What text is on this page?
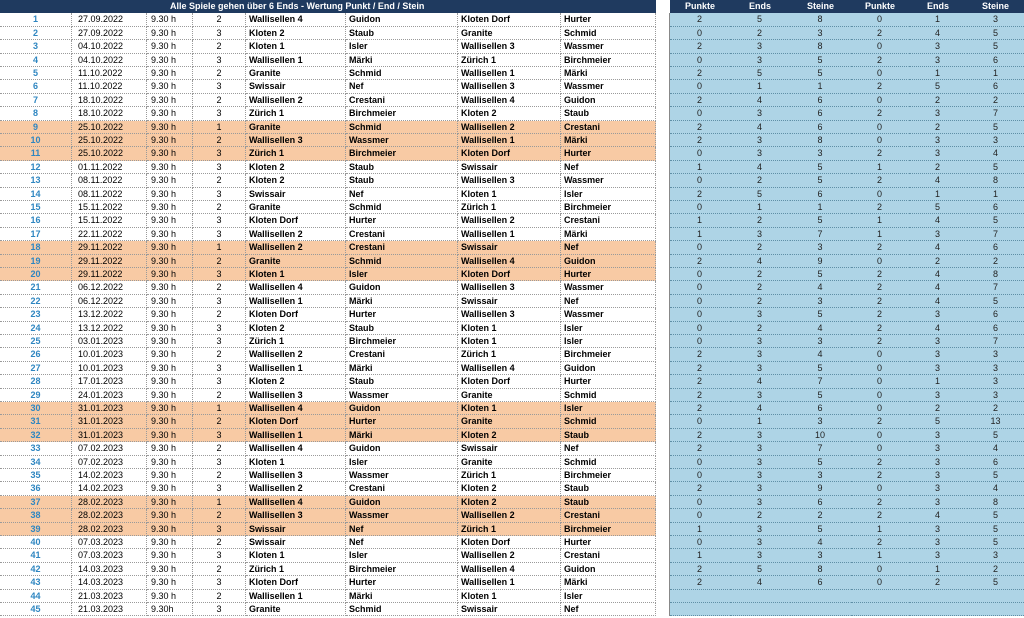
Alle Spiele gehen über 6 Ends - Wertung Punkt / End / Stein	Punkte	Ends	Steine	Punkte	Ends	Steine
1	27.09.2022	9.30 h	2	Wallisellen 4	Guidon	Kloten Dorf	Hurter	2	5	8	0	1	3
2	27.09.2022	9.30 h	3	Kloten 2	Staub	Granite	Schmid	0	2	3	2	4	5
3	04.10.2022	9.30 h	2	Kloten 1	Isler	Wallisellen 3	Wassmer	2	3	8	0	3	5
4	04.10.2022	9.30 h	3	Wallisellen 1	Märki	Zürich 1	Birchmeier	0	3	5	2	3	6
5	11.10.2022	9.30 h	2	Granite	Schmid	Wallisellen 1	Märki	2	5	5	0	1	1
6	11.10.2022	9.30 h	3	Swissair	Nef	Wallisellen 3	Wassmer	0	1	1	2	5	6
7	18.10.2022	9.30 h	2	Wallisellen 2	Crestani	Wallisellen 4	Guidon	2	4	6	0	2	2
8	18.10.2022	9.30 h	3	Zürich 1	Birchmeier	Kloten 2	Staub	0	3	6	2	3	7
9	25.10.2022	9.30 h	1	Granite	Schmid	Wallisellen 2	Crestani	2	4	6	0	2	5
10	25.10.2022	9.30 h	2	Wallisellen 3	Wassmer	Wallisellen 1	Märki	2	3	8	0	3	3
11	25.10.2022	9.30 h	3	Zürich 1	Birchmeier	Kloten Dorf	Hurter	0	3	3	2	3	4
12	01.11.2022	9.30 h	3	Kloten 2	Staub	Swissair	Nef	1	4	5	1	2	5
13	08.11.2022	9.30 h	2	Kloten 2	Staub	Wallisellen 3	Wassmer	0	2	5	2	4	8
14	08.11.2022	9.30 h	3	Swissair	Nef	Kloten 1	Isler	2	5	6	0	1	1
15	15.11.2022	9.30 h	2	Granite	Schmid	Zürich 1	Birchmeier	0	1	1	2	5	6
16	15.11.2022	9.30 h	3	Kloten Dorf	Hurter	Wallisellen 2	Crestani	1	2	5	1	4	5
17	22.11.2022	9.30 h	3	Wallisellen 2	Crestani	Wallisellen 1	Märki	1	3	7	1	3	7
18	29.11.2022	9.30 h	1	Wallisellen 2	Crestani	Swissair	Nef	0	2	3	2	4	6
19	29.11.2022	9.30 h	2	Granite	Schmid	Wallisellen 4	Guidon	2	4	9	0	2	2
20	29.11.2022	9.30 h	3	Kloten 1	Isler	Kloten Dorf	Hurter	0	2	5	2	4	8
21	06.12.2022	9.30 h	2	Wallisellen 4	Guidon	Wallisellen 3	Wassmer	0	2	4	2	4	7
22	06.12.2022	9.30 h	3	Wallisellen 1	Märki	Swissair	Nef	0	2	3	2	4	5
23	13.12.2022	9.30 h	2	Kloten Dorf	Hurter	Wallisellen 3	Wassmer	0	3	5	2	3	6
24	13.12.2022	9.30 h	3	Kloten 2	Staub	Kloten 1	Isler	0	2	4	2	4	6
25	03.01.2023	9.30 h	3	Zürich 1	Birchmeier	Kloten 1	Isler	0	3	3	2	3	7
26	10.01.2023	9.30 h	2	Wallisellen 2	Crestani	Zürich 1	Birchmeier	2	3	4	0	3	3
27	10.01.2023	9.30 h	3	Wallisellen 1	Märki	Wallisellen 4	Guidon	2	3	5	0	3	3
28	17.01.2023	9.30 h	3	Kloten 2	Staub	Kloten Dorf	Hurter	2	4	7	0	1	3
29	24.01.2023	9.30 h	2	Wallisellen 3	Wassmer	Granite	Schmid	2	3	5	0	3	3
30	31.01.2023	9.30 h	1	Wallisellen 4	Guidon	Kloten 1	Isler	2	4	6	0	2	2
31	31.01.2023	9.30 h	2	Kloten Dorf	Hurter	Granite	Schmid	0	1	3	2	5	13
32	31.01.2023	9.30 h	3	Wallisellen 1	Märki	Kloten 2	Staub	2	3	10	0	3	5
33	07.02.2023	9.30 h	2	Wallisellen 4	Guidon	Swissair	Nef	2	3	7	0	3	4
34	07.02.2023	9.30 h	3	Kloten 1	Isler	Granite	Schmid	0	3	5	2	3	6
35	14.02.2023	9.30 h	2	Wallisellen 3	Wassmer	Zürich 1	Birchmeier	0	3	3	2	3	5
36	14.02.2023	9.30 h	3	Wallisellen 2	Crestani	Kloten 2	Staub	2	3	9	0	3	4
37	28.02.2023	9.30 h	1	Wallisellen 4	Guidon	Kloten 2	Staub	0	3	6	2	3	8
38	28.02.2023	9.30 h	2	Wallisellen 3	Wassmer	Wallisellen 2	Crestani	0	2	2	2	4	5
39	28.02.2023	9.30 h	3	Swissair	Nef	Zürich 1	Birchmeier	1	3	5	1	3	5
40	07.03.2023	9.30 h	2	Swissair	Nef	Kloten Dorf	Hurter	0	3	4	2	3	5
41	07.03.2023	9.30 h	3	Kloten 1	Isler	Wallisellen 2	Crestani	1	3	3	1	3	3
42	14.03.2023	9.30 h	2	Zürich 1	Birchmeier	Wallisellen 4	Guidon	2	5	8	0	1	2
43	14.03.2023	9.30 h	3	Kloten Dorf	Hurter	Wallisellen 1	Märki	2	4	6	0	2	5
44	21.03.2023	9.30 h	2	Wallisellen 1	Märki	Kloten 1	Isler
45	21.03.2023	9.30h	3	Granite	Schmid	Swissair	Nef
